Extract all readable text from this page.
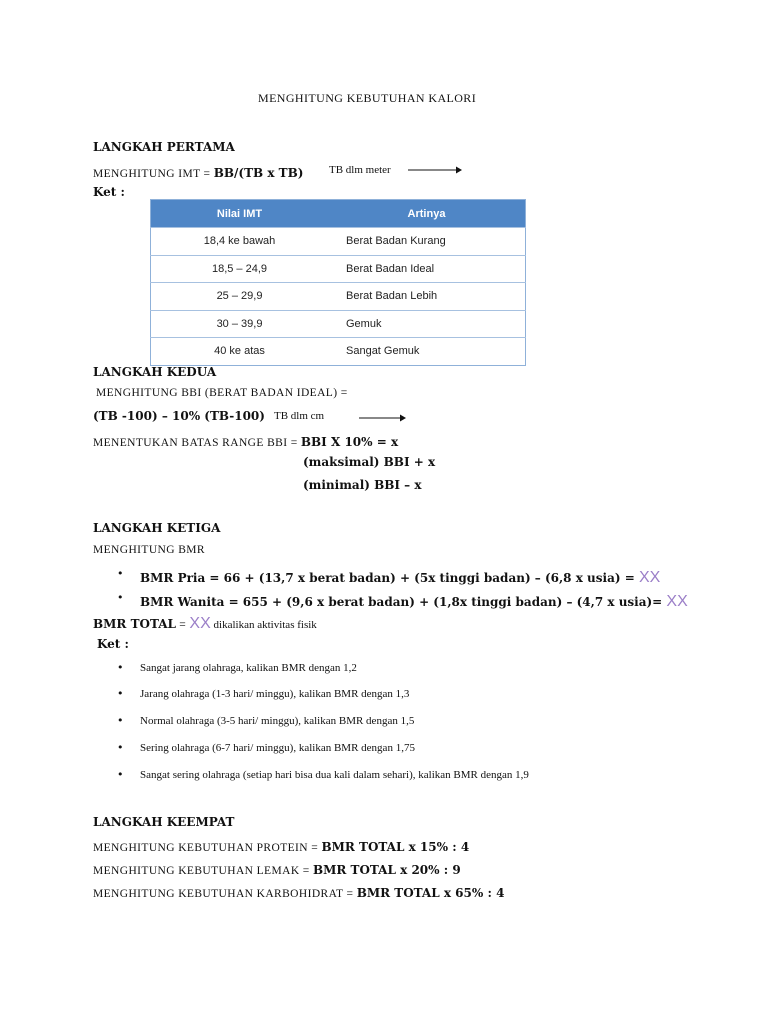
MENGHITUNG KEBUTUHAN KALORI
LANGKAH PERTAMA
MENGHITUNG IMT = BB/(TB x TB) TB dlm meter
Ket :
Nilai IMT	Artinya
18,4 ke bawah	Berat Badan Kurang
18,5 – 24,9	Berat Badan Ideal
25 – 29,9	Berat Badan Lebih
30 – 39,9	Gemuk
40 ke atas	Sangat Gemuk
LANGKAH KEDUA
MENGHITUNG BBI (BERAT BADAN IDEAL) =
(TB -100) – 10% (TB-100) TB dlm cm
MENENTUKAN BATAS RANGE BBI = BBI X 10% = x
(maksimal) BBI + x
(minimal) BBI – x
LANGKAH KETIGA
MENGHITUNG BMR
• BMR Pria = 66 + (13,7 x berat badan) + (5x tinggi badan) – (6,8 x usia) = XX
• BMR Wanita = 655 + (9,6 x berat badan) + (1,8x tinggi badan) – (4,7 x usia)= XX
BMR TOTAL = XX dikalikan aktivitas fisik
Ket :
• Sangat jarang olahraga, kalikan BMR dengan 1,2
• Jarang olahraga (1-3 hari/ minggu), kalikan BMR dengan 1,3
• Normal olahraga (3-5 hari/ minggu), kalikan BMR dengan 1,5
• Sering olahraga (6-7 hari/ minggu), kalikan BMR dengan 1,75
• Sangat sering olahraga (setiap hari bisa dua kali dalam sehari), kalikan BMR dengan 1,9
LANGKAH KEEMPAT
MENGHITUNG KEBUTUHAN PROTEIN = BMR TOTAL x 15% : 4
MENGHITUNG KEBUTUHAN LEMAK = BMR TOTAL x 20% : 9
MENGHITUNG KEBUTUHAN KARBOHIDRAT = BMR TOTAL x 65% : 4
